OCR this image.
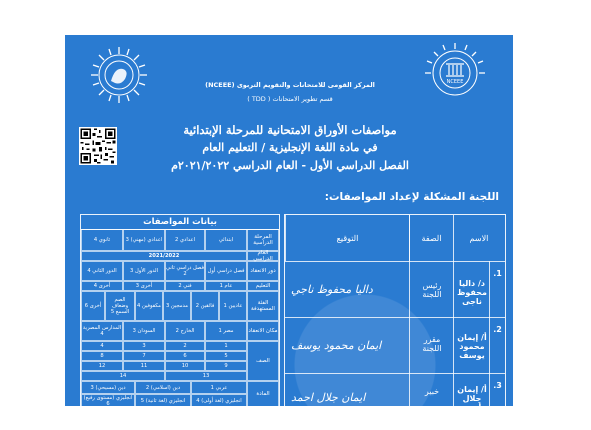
NCEEE
المركز القومى للامتحانات والتقويم التربوى (NCEEE)
قسم تطوير الامتحانات ( TDD )
مواصفات الأوراق الامتحانية للمرحلة الإبتدائية
في مادة اللغة الإنجليزية / التعليم العام
الفصل الدراسي الأول - العام الدراسي ٢٠٢١/٢٠٢٢م
اللجنة المشكلة لإعداد المواصفات:
بيانات المواصفات
المرحلة الدراسية
ابتدائي
اعدادي 2
اعدادي (مهني) 3
ثانوي 4
العام الدراسي
2021/2022
دور الانعقاد
فصل دراسي أول
فصل دراسي ثاني 2
الدور الأول 3
الدور الثاني 4
التعليم
عام 1
فني 2
أخرى 3
أخرى 4
الفئة المستهدفة
عاديين 1
فائقين 2
مدمجين 3
مكفوفين 4
الصم وضعاف السمع 5
أخرى 6
مكان الانعقاد
مصر 1
الخارج 2
السودان 3
المدارس المصرية 4
الصف
1
2
3
4
5
6
7
8
9
10
11
12
13
14
المادة
عربي 1
دين (اسلامي) 2
دين (مسيحي) 3
انجليزي (لغة أولى) 4
انجليزي (لغة ثانية) 5
انجليزي (مستوى رفيع) 6
الاسم
الصفة
التوقيع
1.
د/ داليا محفوظ ناجى
رئيس اللجنة
داليا محفوظ ناجي
2.
أ/ إيمان محمود يوسف
مقرر اللجنة
ايمان محمود يوسف
3.
أ/ إيمان جلال أحمد أحمد هدان
خبير
ايمان جلال احمد
